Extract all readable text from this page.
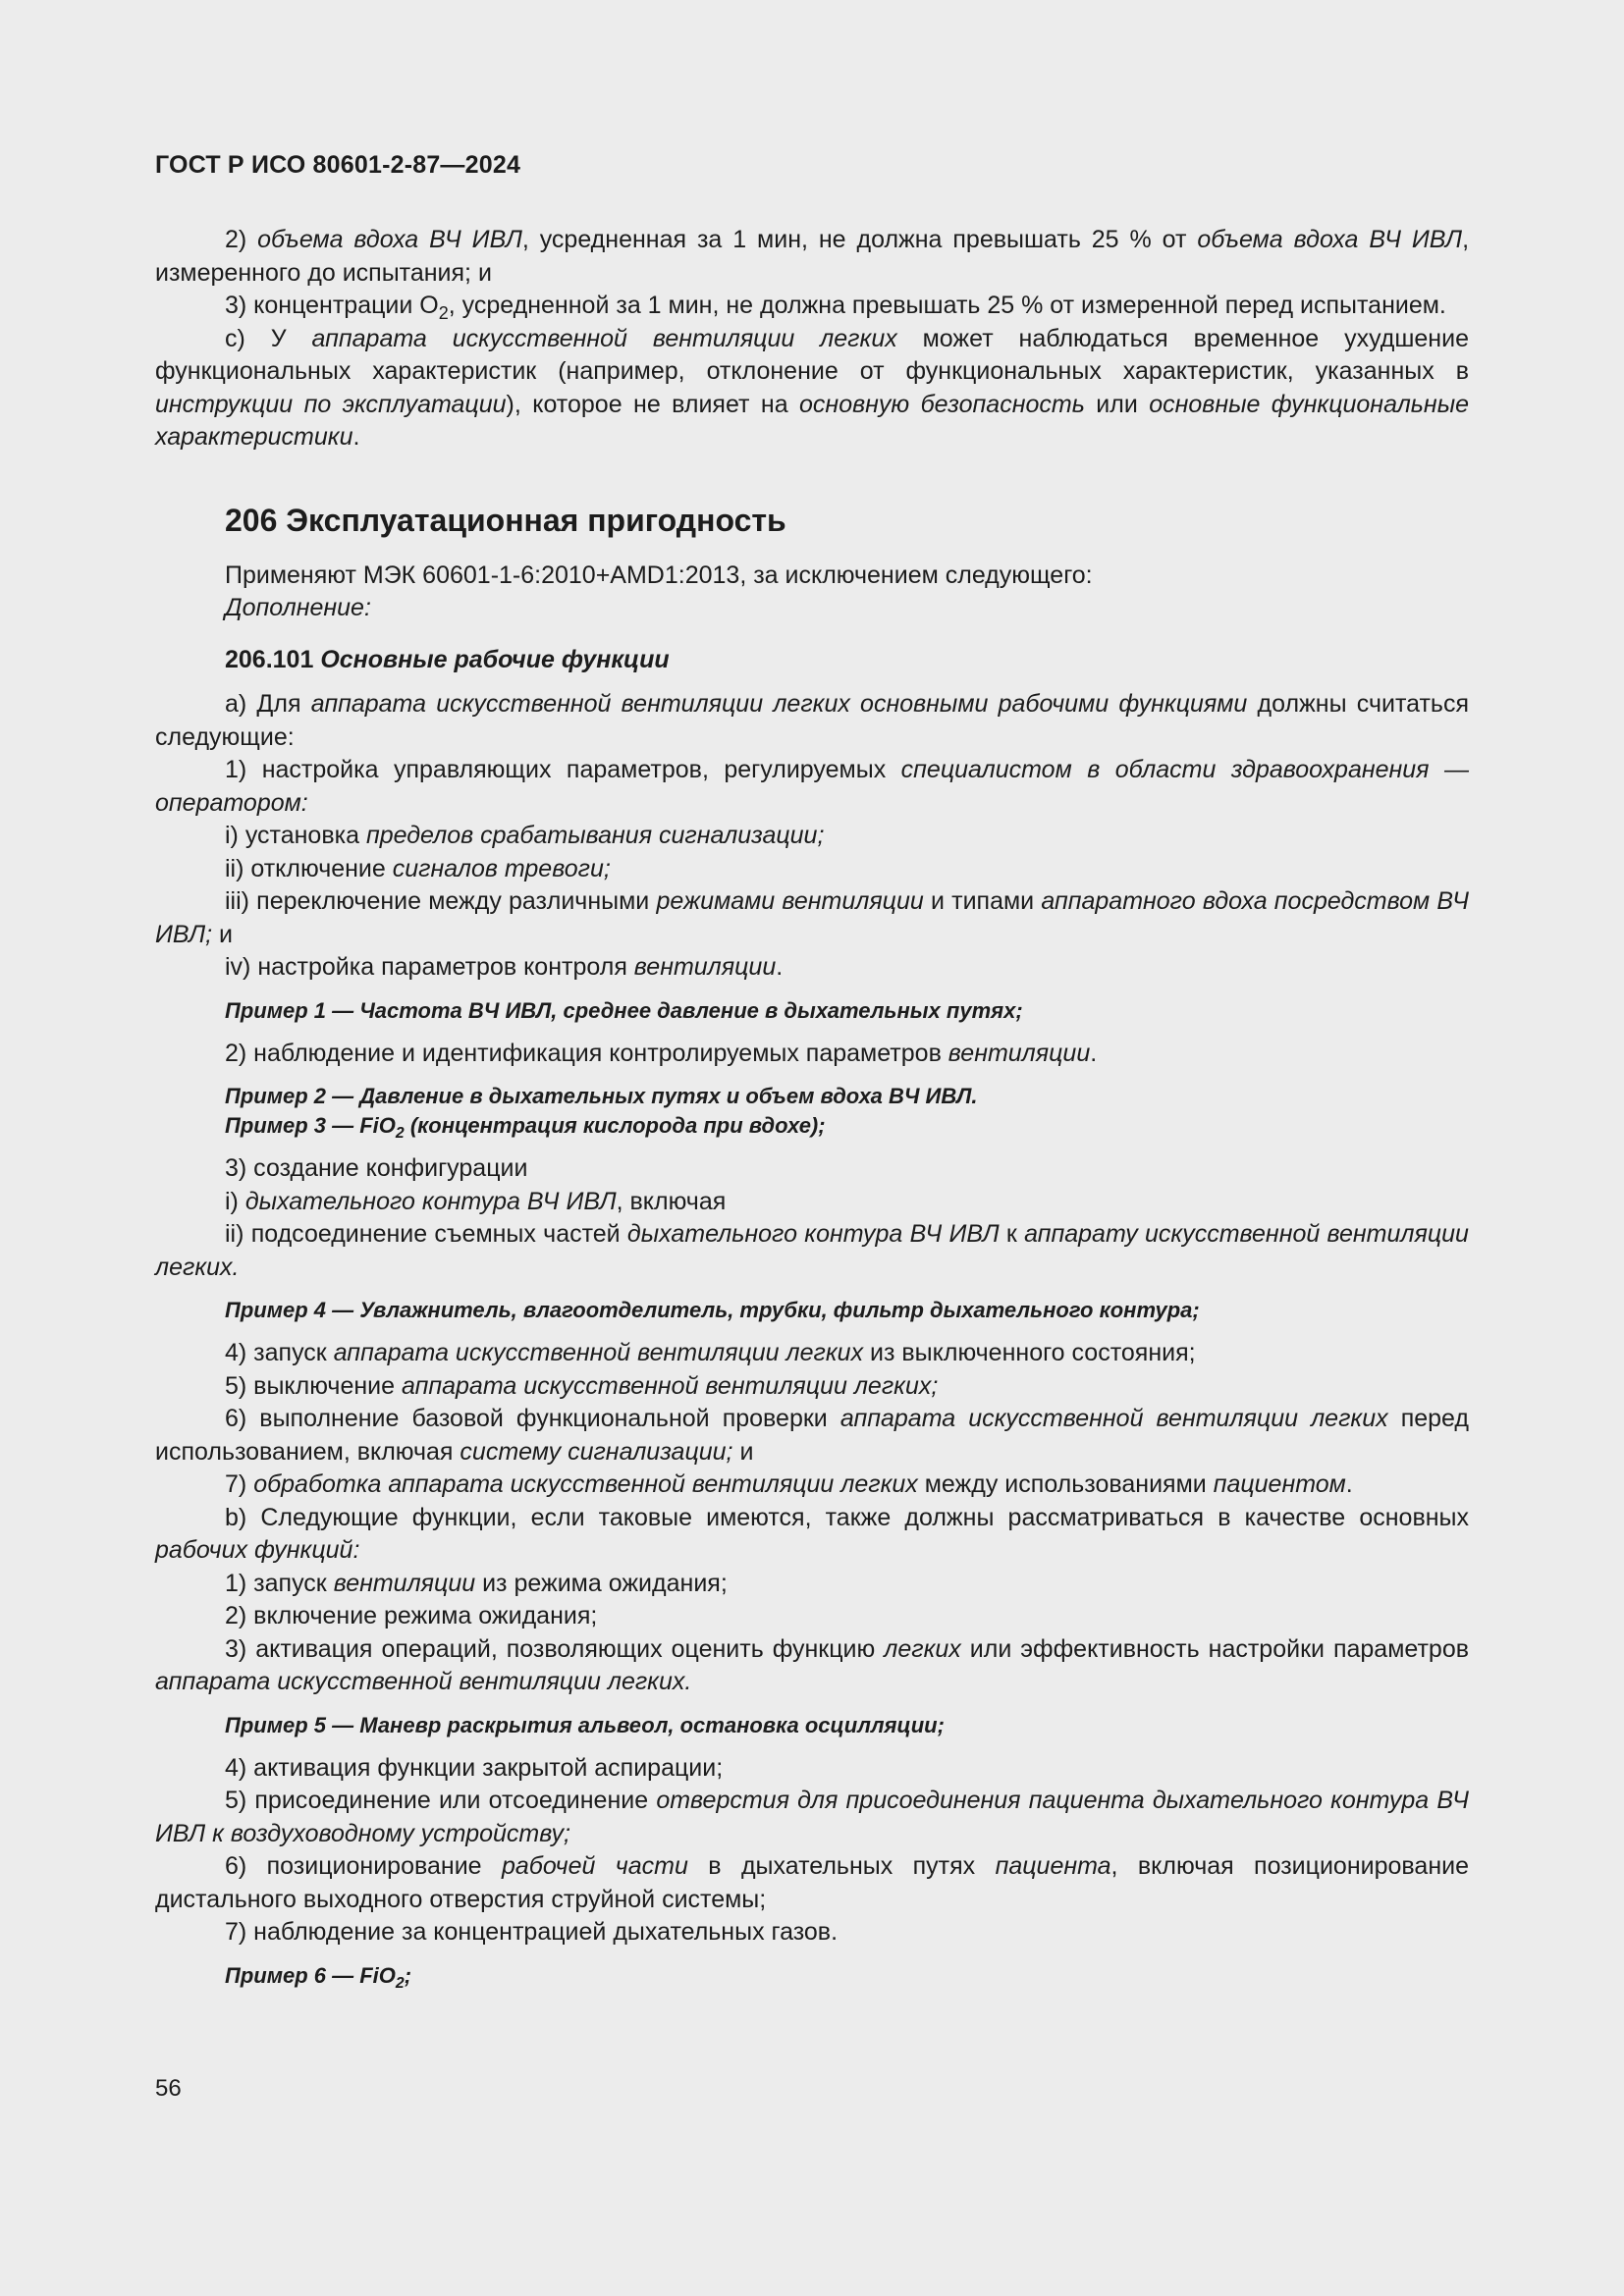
ГОСТ Р ИСО 80601-2-87—2024

2) объема вдоха ВЧ ИВЛ, усредненная за 1 мин, не должна превышать 25 % от объема вдоха ВЧ ИВЛ, измеренного до испытания; и

3) концентрации $O_2$, усредненной за 1 мин, не должна превышать 25 % от измеренной перед испытанием.

c) У аппарата искусственной вентиляции легких может наблюдаться временное ухудшение функциональных характеристик (например, отклонение от функциональных характеристик, указанных в инструкции по эксплуатации), которое не влияет на основную безопасность или основные функциональные характеристики.

206 Эксплуатационная пригодность

Применяют МЭК 60601-1-6:2010+AMD1:2013, за исключением следующего:

Дополнение:

206.101 Основные рабочие функции

a) Для аппарата искусственной вентиляции легких основными рабочими функциями должны считаться следующие:

1) настройка управляющих параметров, регулируемых специалистом в области здравоохранения — оператором:

i) установка пределов срабатывания сигнализации;

ii) отключение сигналов тревоги;

iii) переключение между различными режимами вентиляции и типами аппаратного вдоха посредством ВЧ ИВЛ; и

iv) настройка параметров контроля вентиляции.

Пример 1 — Частота ВЧ ИВЛ, среднее давление в дыхательных путях;

2) наблюдение и идентификация контролируемых параметров вентиляции.

Пример 2 — Давление в дыхательных путях и объем вдоха ВЧ ИВЛ.

Пример 3 — FiO$_2$ (концентрация кислорода при вдохе);

3) создание конфигурации

i) дыхательного контура ВЧ ИВЛ, включая

ii) подсоединение съемных частей дыхательного контура ВЧ ИВЛ к аппарату искусственной вентиляции легких.

Пример 4 — Увлажнитель, влагоотделитель, трубки, фильтр дыхательного контура;

4) запуск аппарата искусственной вентиляции легких из выключенного состояния;

5) выключение аппарата искусственной вентиляции легких;

6) выполнение базовой функциональной проверки аппарата искусственной вентиляции легких перед использованием, включая систему сигнализации; и

7) обработка аппарата искусственной вентиляции легких между использованиями пациентом.

b) Следующие функции, если таковые имеются, также должны рассматриваться в качестве основных рабочих функций:

1) запуск вентиляции из режима ожидания;

2) включение режима ожидания;

3) активация операций, позволяющих оценить функцию легких или эффективность настройки параметров аппарата искусственной вентиляции легких.

Пример 5 — Маневр раскрытия альвеол, остановка осцилляции;

4) активация функции закрытой аспирации;

5) присоединение или отсоединение отверстия для присоединения пациента дыхательного контура ВЧ ИВЛ к воздуховодному устройству;

6) позиционирование рабочей части в дыхательных путях пациента, включая позиционирование дистального выходного отверстия струйной системы;

7) наблюдение за концентрацией дыхательных газов.

Пример 6 — FiO$_2$;

56
